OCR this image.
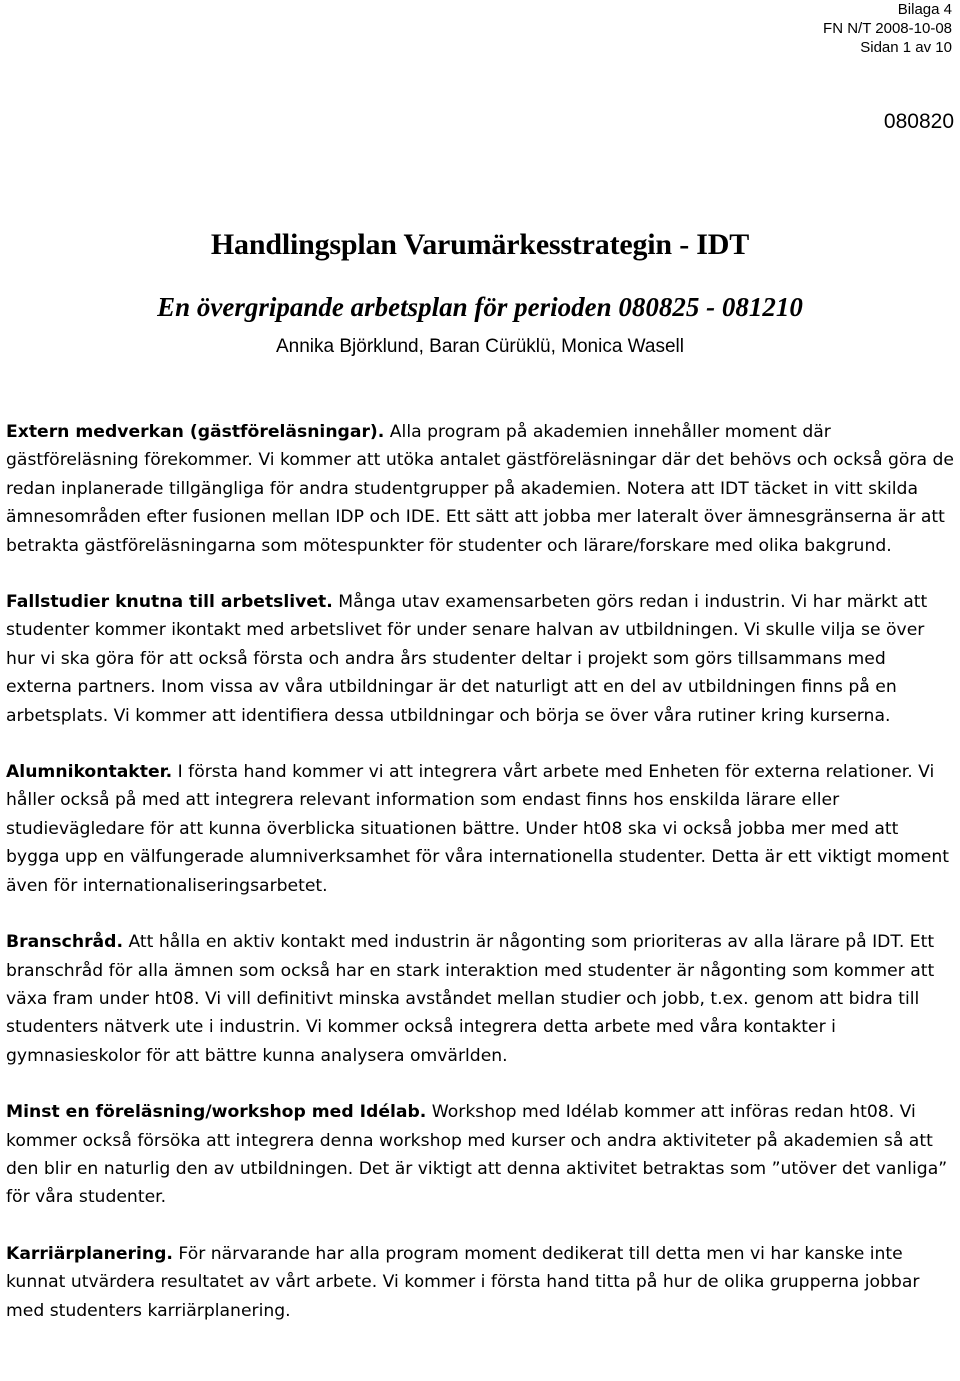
Bilaga 4
FN N/T 2008-10-08
Sidan 1 av 10
080820
Handlingsplan Varumärkesstrategin - IDT
En övergripande arbetsplan för perioden 080825 - 081210
Annika Björklund, Baran Cürüklü, Monica Wasell

Extern medverkan (gästföreläsningar). Alla program på akademien innehåller moment där gästföreläsning förekommer. Vi kommer att utöka antalet gästföreläsningar där det behövs och också göra de redan inplanerade tillgängliga för andra studentgrupper på akademien. Notera att IDT täcket in vitt skilda ämnesområden efter fusionen mellan IDP och IDE. Ett sätt att jobba mer lateralt över ämnesgränserna är att betrakta gästföreläsningarna som mötespunkter för studenter och lärare/forskare med olika bakgrund.

Fallstudier knutna till arbetslivet. Många utav examensarbeten görs redan i industrin. Vi har märkt att studenter kommer ikontakt med arbetslivet för under senare halvan av utbildningen. Vi skulle vilja se över hur vi ska göra för att också första och andra års studenter deltar i projekt som görs tillsammans med externa partners. Inom vissa av våra utbildningar är det naturligt att en del av utbildningen finns på en arbetsplats. Vi kommer att identifiera dessa utbildningar och börja se över våra rutiner kring kurserna.

Alumnikontakter. I första hand kommer vi att integrera vårt arbete med Enheten för externa relationer. Vi håller också på med att integrera relevant information som endast finns hos enskilda lärare eller studievägledare för att kunna överblicka situationen bättre. Under ht08 ska vi också jobba mer med att bygga upp en välfungerade alumniverksamhet för våra internationella studenter. Detta är ett viktigt moment även för internationaliseringsarbetet.

Branschråd. Att hålla en aktiv kontakt med industrin är någonting som prioriteras av alla lärare på IDT. Ett branschråd för alla ämnen som också har en stark interaktion med studenter är någonting som kommer att växa fram under ht08. Vi vill definitivt minska avståndet mellan studier och jobb, t.ex. genom att bidra till studenters nätverk ute i industrin. Vi kommer också integrera detta arbete med våra kontakter i gymnasieskolor för att bättre kunna analysera omvärlden.

Minst en föreläsning/workshop med Idélab. Workshop med Idélab kommer att införas redan ht08. Vi kommer också försöka att integrera denna workshop med kurser och andra aktiviteter på akademien så att den blir en naturlig den av utbildningen. Det är viktigt att denna aktivitet betraktas som ”utöver det vanliga” för våra studenter.

Karriärplanering. För närvarande har alla program moment dedikerat till detta men vi har kanske inte kunnat utvärdera resultatet av vårt arbete. Vi kommer i första hand titta på hur de olika grupperna jobbar med studenters karriärplanering.
